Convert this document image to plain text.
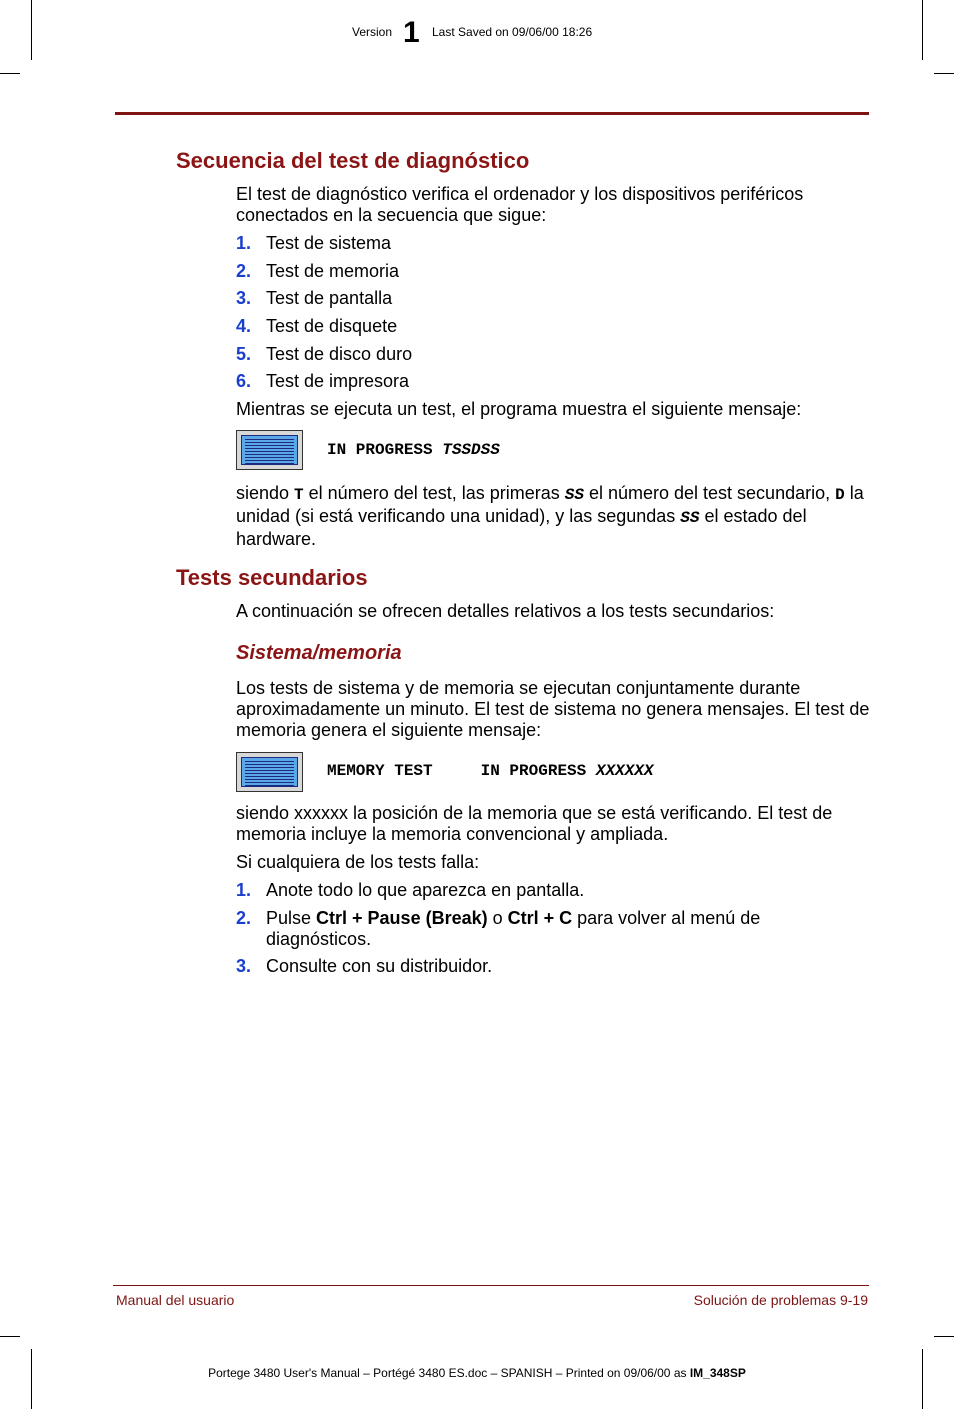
Version 1 Last Saved on 09/06/00 18:26
Secuencia del test de diagnóstico

El test de diagnóstico verifica el ordenador y los dispositivos periféricos conectados en la secuencia que sigue:

1. Test de sistema
2. Test de memoria
3. Test de pantalla
4. Test de disquete
5. Test de disco duro
6. Test de impresora

Mientras se ejecuta un test, el programa muestra el siguiente mensaje:

IN PROGRESS TSSDSS

siendo T el número del test, las primeras SS el número del test secundario, D la unidad (si está verificando una unidad), y las segundas SS el estado del hardware.

Tests secundarios

A continuación se ofrecen detalles relativos a los tests secundarios:

Sistema/memoria

Los tests de sistema y de memoria se ejecutan conjuntamente durante aproximadamente un minuto. El test de sistema no genera mensajes. El test de memoria genera el siguiente mensaje:

MEMORY TEST     IN PROGRESS XXXXXX

siendo xxxxxx la posición de la memoria que se está verificando. El test de memoria incluye la memoria convencional y ampliada.

Si cualquiera de los tests falla:

1. Anote todo lo que aparezca en pantalla.
2. Pulse Ctrl + Pause (Break) o Ctrl + C para volver al menú de diagnósticos.
3. Consulte con su distribuidor.
Manual del usuario	Solución de problemas 9-19
Portege 3480 User's Manual – Portégé 3480 ES.doc – SPANISH – Printed on 09/06/00 as IM_348SP
